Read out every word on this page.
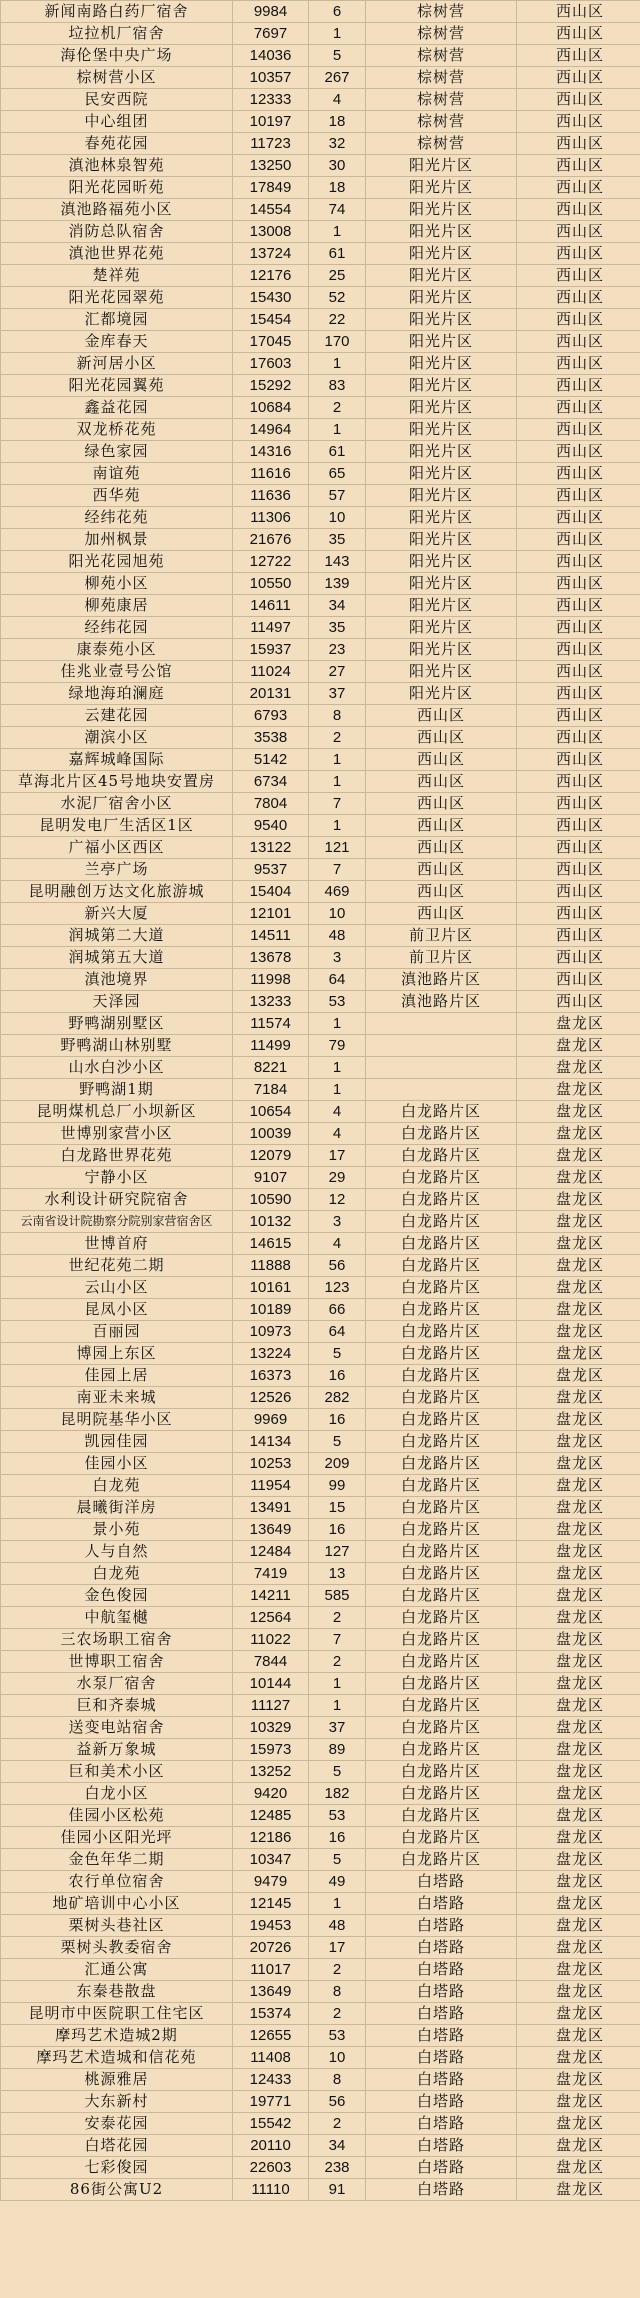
新闻南路白药厂宿舍	9984	6	棕树营	西山区
垃拉机厂宿舍	7697	1	棕树营	西山区
海伦堡中央广场	14036	5	棕树营	西山区
棕树营小区	10357	267	棕树营	西山区
民安西院	12333	4	棕树营	西山区
中心组团	10197	18	棕树营	西山区
春苑花园	11723	32	棕树营	西山区
滇池林泉智苑	13250	30	阳光片区	西山区
阳光花园昕苑	17849	18	阳光片区	西山区
滇池路福苑小区	14554	74	阳光片区	西山区
消防总队宿舍	13008	1	阳光片区	西山区
滇池世界花苑	13724	61	阳光片区	西山区
楚祥苑	12176	25	阳光片区	西山区
阳光花园翠苑	15430	52	阳光片区	西山区
汇都境园	15454	22	阳光片区	西山区
金库春天	17045	170	阳光片区	西山区
新河居小区	17603	1	阳光片区	西山区
阳光花园翼苑	15292	83	阳光片区	西山区
鑫益花园	10684	2	阳光片区	西山区
双龙桥花苑	14964	1	阳光片区	西山区
绿色家园	14316	61	阳光片区	西山区
南谊苑	11616	65	阳光片区	西山区
西华苑	11636	57	阳光片区	西山区
经纬花苑	11306	10	阳光片区	西山区
加州枫景	21676	35	阳光片区	西山区
阳光花园旭苑	12722	143	阳光片区	西山区
柳苑小区	10550	139	阳光片区	西山区
柳苑康居	14611	34	阳光片区	西山区
经纬花园	11497	35	阳光片区	西山区
康泰苑小区	15937	23	阳光片区	西山区
佳兆业壹号公馆	11024	27	阳光片区	西山区
绿地海珀澜庭	20131	37	阳光片区	西山区
云建花园	6793	8	西山区	西山区
潮滨小区	3538	2	西山区	西山区
嘉辉城峰国际	5142	1	西山区	西山区
草海北片区45号地块安置房	6734	1	西山区	西山区
水泥厂宿舍小区	7804	7	西山区	西山区
昆明发电厂生活区1区	9540	1	西山区	西山区
广福小区西区	13122	121	西山区	西山区
兰亭广场	9537	7	西山区	西山区
昆明融创万达文化旅游城	15404	469	西山区	西山区
新兴大厦	12101	10	西山区	西山区
润城第二大道	14511	48	前卫片区	西山区
润城第五大道	13678	3	前卫片区	西山区
滇池境界	11998	64	滇池路片区	西山区
天泽园	13233	53	滇池路片区	西山区
野鸭湖别墅区	11574	1		盘龙区
野鸭湖山林别墅	11499	79		盘龙区
山水白沙小区	8221	1		盘龙区
野鸭湖1期	7184	1		盘龙区
昆明煤机总厂小坝新区	10654	4	白龙路片区	盘龙区
世博别家营小区	10039	4	白龙路片区	盘龙区
白龙路世界花苑	12079	17	白龙路片区	盘龙区
宁静小区	9107	29	白龙路片区	盘龙区
水利设计研究院宿舍	10590	12	白龙路片区	盘龙区
云南省设计院勘察分院别家营宿舍区	10132	3	白龙路片区	盘龙区
世博首府	14615	4	白龙路片区	盘龙区
世纪花苑二期	11888	56	白龙路片区	盘龙区
云山小区	10161	123	白龙路片区	盘龙区
昆凤小区	10189	66	白龙路片区	盘龙区
百丽园	10973	64	白龙路片区	盘龙区
博园上东区	13224	5	白龙路片区	盘龙区
佳园上居	16373	16	白龙路片区	盘龙区
南亚未来城	12526	282	白龙路片区	盘龙区
昆明院基华小区	9969	16	白龙路片区	盘龙区
凯园佳园	14134	5	白龙路片区	盘龙区
佳园小区	10253	209	白龙路片区	盘龙区
白龙苑	11954	99	白龙路片区	盘龙区
晨曦街洋房	13491	15	白龙路片区	盘龙区
景小苑	13649	16	白龙路片区	盘龙区
人与自然	12484	127	白龙路片区	盘龙区
白龙苑	7419	13	白龙路片区	盘龙区
金色俊园	14211	585	白龙路片区	盘龙区
中航玺樾	12564	2	白龙路片区	盘龙区
三农场职工宿舍	11022	7	白龙路片区	盘龙区
世博职工宿舍	7844	2	白龙路片区	盘龙区
水泵厂宿舍	10144	1	白龙路片区	盘龙区
巨和齐泰城	11127	1	白龙路片区	盘龙区
送变电站宿舍	10329	37	白龙路片区	盘龙区
益新万象城	15973	89	白龙路片区	盘龙区
巨和美术小区	13252	5	白龙路片区	盘龙区
白龙小区	9420	182	白龙路片区	盘龙区
佳园小区松苑	12485	53	白龙路片区	盘龙区
佳园小区阳光坪	12186	16	白龙路片区	盘龙区
金色年华二期	10347	5	白龙路片区	盘龙区
农行单位宿舍	9479	49	白塔路	盘龙区
地矿培训中心小区	12145	1	白塔路	盘龙区
栗树头巷社区	19453	48	白塔路	盘龙区
栗树头教委宿舍	20726	17	白塔路	盘龙区
汇通公寓	11017	2	白塔路	盘龙区
东秦巷散盘	13649	8	白塔路	盘龙区
昆明市中医院职工住宅区	15374	2	白塔路	盘龙区
摩玛艺术造城2期	12655	53	白塔路	盘龙区
摩玛艺术造城和信花苑	11408	10	白塔路	盘龙区
桃源雅居	12433	8	白塔路	盘龙区
大东新村	19771	56	白塔路	盘龙区
安泰花园	15542	2	白塔路	盘龙区
白塔花园	20110	34	白塔路	盘龙区
七彩俊园	22603	238	白塔路	盘龙区
86街公寓U2	11110	91	白塔路	盘龙区
